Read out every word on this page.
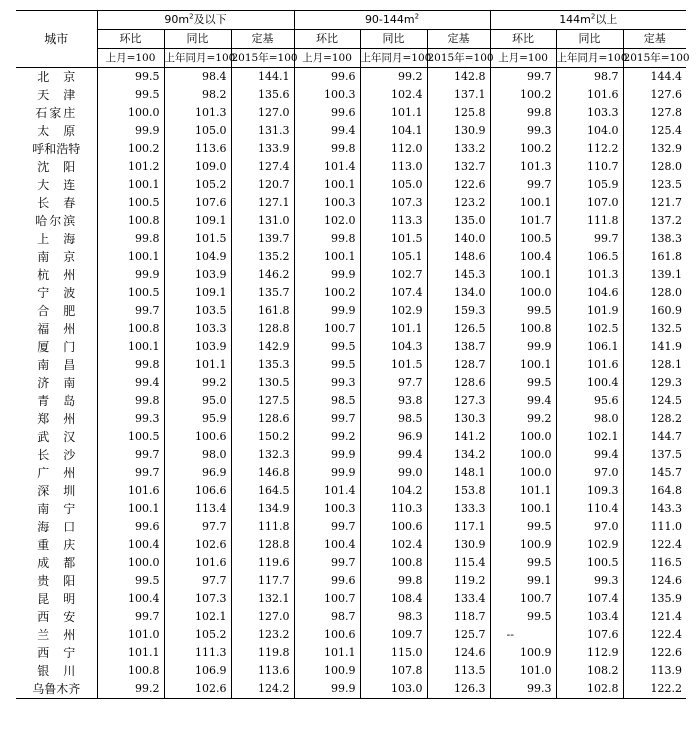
城市	$90m^2$及以下			$90-144m^2$			$144m^2$以上		
	环比	同比	定基	环比	同比	定基	环比	同比	定基
	上月=100	上年同月=100	2015年=100	上月=100	上年同月=100	2015年=100	上月=100	上年同月=100	2015年=100
北京	99.5	98.4	144.1	99.6	99.2	142.8	99.7	98.7	144.4
天津	99.5	98.2	135.6	100.3	102.4	137.1	100.2	101.6	127.6
石家庄	100.0	101.3	127.0	99.6	101.1	125.8	99.8	103.3	127.8
太原	99.9	105.0	131.3	99.4	104.1	130.9	99.3	104.0	125.4
呼和浩特	100.2	113.6	133.9	99.8	112.0	133.2	100.2	112.2	132.9
沈阳	101.2	109.0	127.4	101.4	113.0	132.7	101.3	110.7	128.0
大连	100.1	105.2	120.7	100.1	105.0	122.6	99.7	105.9	123.5
长春	100.5	107.6	127.1	100.3	107.3	123.2	100.1	107.0	121.7
哈尔滨	100.8	109.1	131.0	102.0	113.3	135.0	101.7	111.8	137.2
上海	99.8	101.5	139.7	99.8	101.5	140.0	100.5	99.7	138.3
南京	100.1	104.9	135.2	100.1	105.1	148.6	100.4	106.5	161.8
杭州	99.9	103.9	146.2	99.9	102.7	145.3	100.1	101.3	139.1
宁波	100.5	109.1	135.7	100.2	107.4	134.0	100.0	104.6	128.0
合肥	99.7	103.5	161.8	99.9	102.9	159.3	99.5	101.9	160.9
福州	100.8	103.3	128.8	100.7	101.1	126.5	100.8	102.5	132.5
厦门	100.1	103.9	142.9	99.5	104.3	138.7	99.9	106.1	141.9
南昌	99.8	101.1	135.3	99.5	101.5	128.7	100.1	101.6	128.1
济南	99.4	99.2	130.5	99.3	97.7	128.6	99.5	100.4	129.3
青岛	99.8	95.0	127.5	98.5	93.8	127.3	99.4	95.6	124.5
郑州	99.3	95.9	128.6	99.7	98.5	130.3	99.2	98.0	128.2
武汉	100.5	100.6	150.2	99.2	96.9	141.2	100.0	102.1	144.7
长沙	99.7	98.0	132.3	99.9	99.4	134.2	100.0	99.4	137.5
广州	99.7	96.9	146.8	99.9	99.0	148.1	100.0	97.0	145.7
深圳	101.6	106.6	164.5	101.4	104.2	153.8	101.1	109.3	164.8
南宁	100.1	113.4	134.9	100.3	110.3	133.3	100.1	110.4	143.3
海口	99.6	97.7	111.8	99.7	100.6	117.1	99.5	97.0	111.0
重庆	100.4	102.6	128.8	100.4	102.4	130.9	100.9	102.9	122.4
成都	100.0	101.6	119.6	99.7	100.8	115.4	99.5	100.5	116.5
贵阳	99.5	97.7	117.7	99.6	99.8	119.2	99.1	99.3	124.6
昆明	100.4	107.3	132.1	100.7	108.4	133.4	100.7	107.4	135.9
西安	99.7	102.1	127.0	98.7	98.3	118.7	99.5	103.4	121.4
兰州	101.0	105.2	123.2	100.6	109.7	125.7	--	107.6	122.4
西宁	101.1	111.3	119.8	101.1	115.0	124.6	100.9	112.9	122.6
银川	100.8	106.9	113.6	100.9	107.8	113.5	101.0	108.2	113.9
乌鲁木齐	99.2	102.6	124.2	99.9	103.0	126.3	99.3	102.8	122.2
